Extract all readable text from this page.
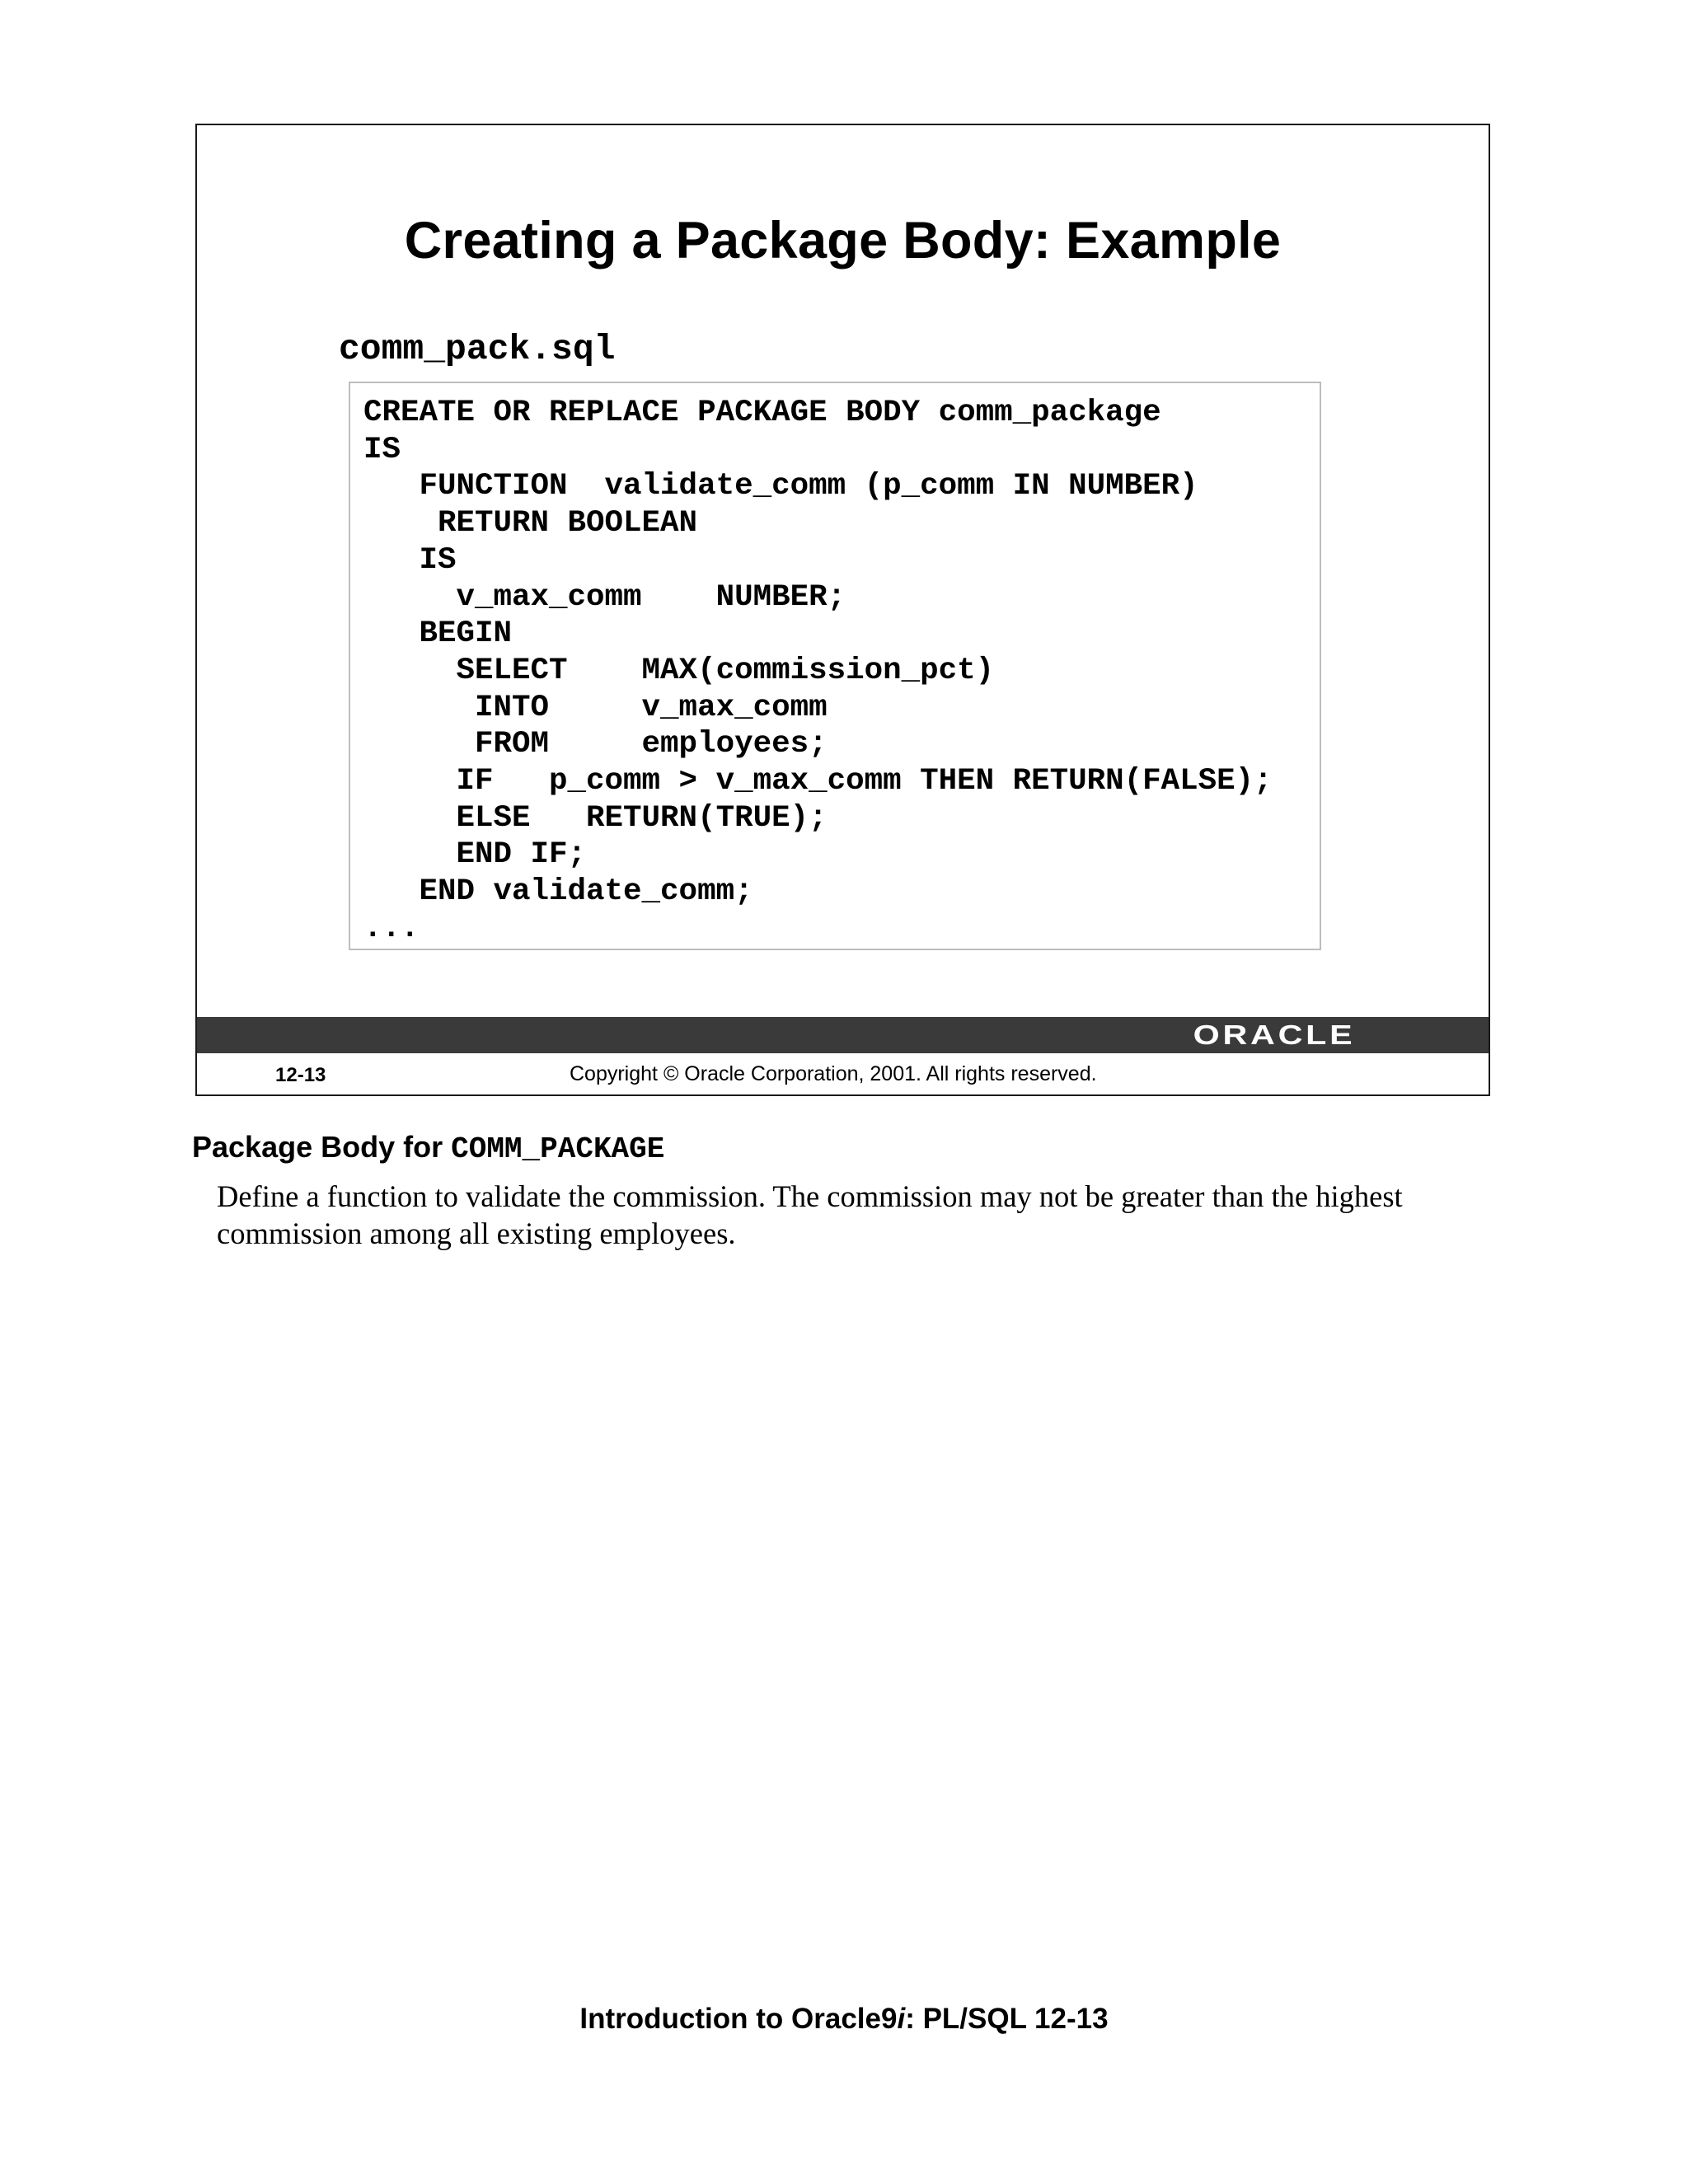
Creating a Package Body: Example
comm_pack.sql
CREATE OR REPLACE PACKAGE BODY comm_package
IS
FUNCTION  validate_comm (p_comm IN NUMBER)
RETURN BOOLEAN
IS
v_max_comm    NUMBER;
BEGIN
SELECT    MAX(commission_pct)
INTO     v_max_comm
FROM     employees;
IF   p_comm > v_max_comm THEN RETURN(FALSE);
ELSE   RETURN(TRUE);
END IF;
END validate_comm;
...
ORACLE
12-13	Copyright © Oracle Corporation, 2001. All rights reserved.
Package Body for COMM_PACKAGE

Define a function to validate the commission. The commission may not be greater than the highest commission among all existing employees.

Introduction to Oracle9i: PL/SQL 12-13
